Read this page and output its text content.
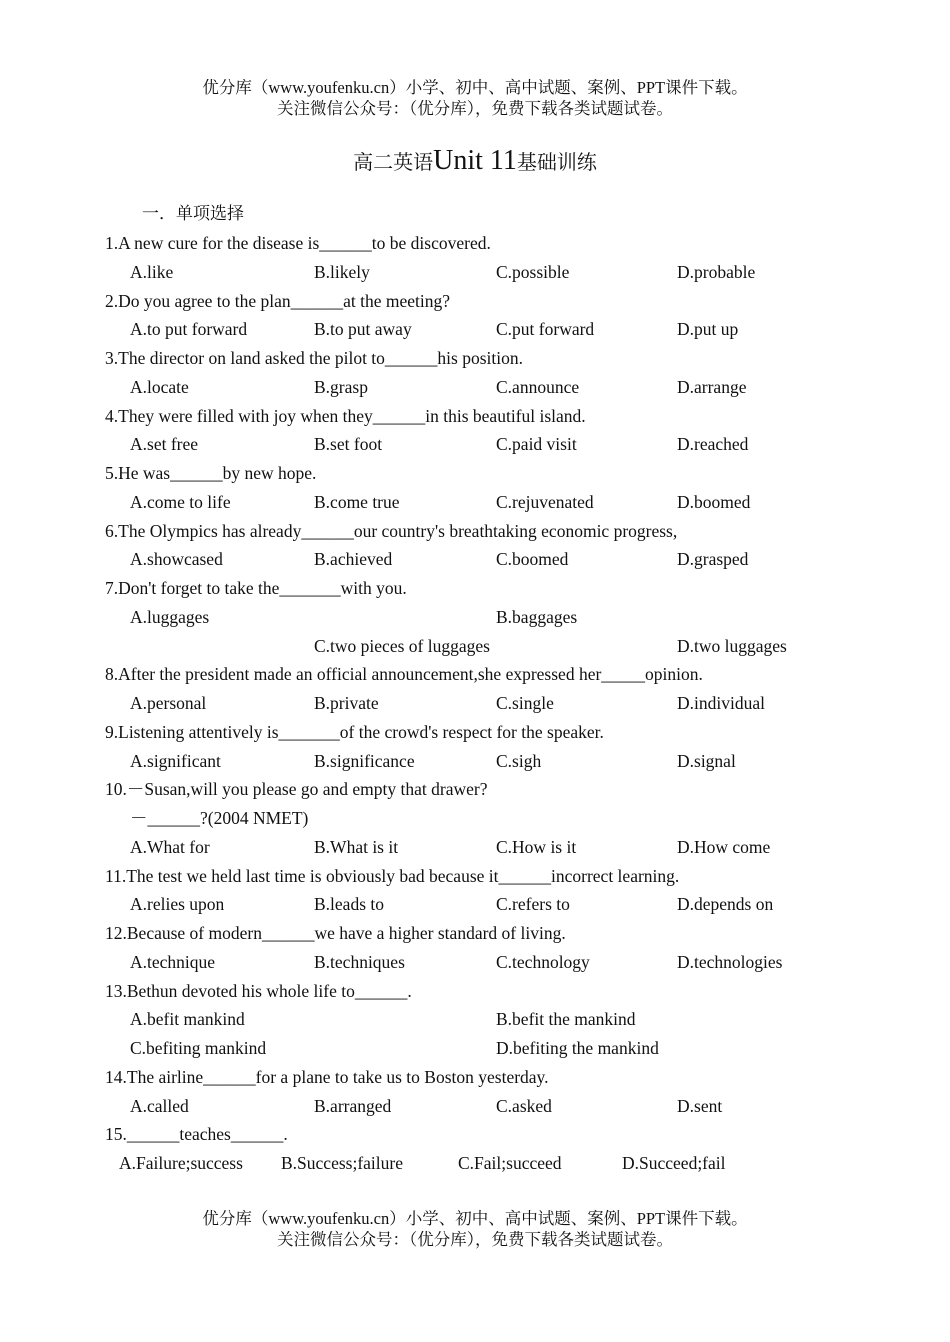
优分库（www.youfenku.cn）小学、初中、高中试题、案例、PPT课件下载。
关注微信公众号：（优分库），免费下载各类试题试卷。
高二英语Unit 11基础训练
一．单项选择
1.A new cure for the disease is______to be discovered.
A.like	B.likely	C.possible	D.probable
2.Do you agree to the plan______at the meeting?
A.to put forward	B.to put away	C.put forward	D.put up
3.The director on land asked the pilot to______his position.
A.locate	B.grasp	C.announce	D.arrange
4.They were filled with joy when they______in this beautiful island.
A.set free	B.set foot	C.paid visit	D.reached
5.He was______by new hope.
A.come to life	B.come true	C.rejuvenated	D.boomed
6.The Olympics has already______our country's breathtaking economic progress,
A.showcased	B.achieved	C.boomed	D.grasped
7.Don't forget to take the_______with you.
A.luggages	B.baggages
C.two pieces of luggages	D.two luggages
8.After the president made an official announcement,she expressed her_____opinion.
A.personal	B.private	C.single	D.individual
9.Listening attentively is_______of the crowd's respect for the speaker.
A.significant	B.significance	C.sigh	D.signal
10.－Susan,will you please go and empty that drawer?
－______?(2004 NMET)
A.What for	B.What is it	C.How is it	D.How come
11.The test we held last time is obviously bad because it______incorrect learning.
A.relies upon	B.leads to	C.refers to	D.depends on
12.Because of modern______we have a higher standard of living.
A.technique	B.techniques	C.technology	D.technologies
13.Bethun devoted his whole life to______.
A.befit mankind	B.befit the mankind
C.befiting mankind	D.befiting the mankind
14.The airline______for a plane to take us to Boston yesterday.
A.called	B.arranged	C.asked	D.sent
15.______teaches______.
A.Failure;success B.Success;failure	C.Fail;succeed	D.Succeed;fail
优分库（www.youfenku.cn）小学、初中、高中试题、案例、PPT课件下载。
关注微信公众号：（优分库），免费下载各类试题试卷。
